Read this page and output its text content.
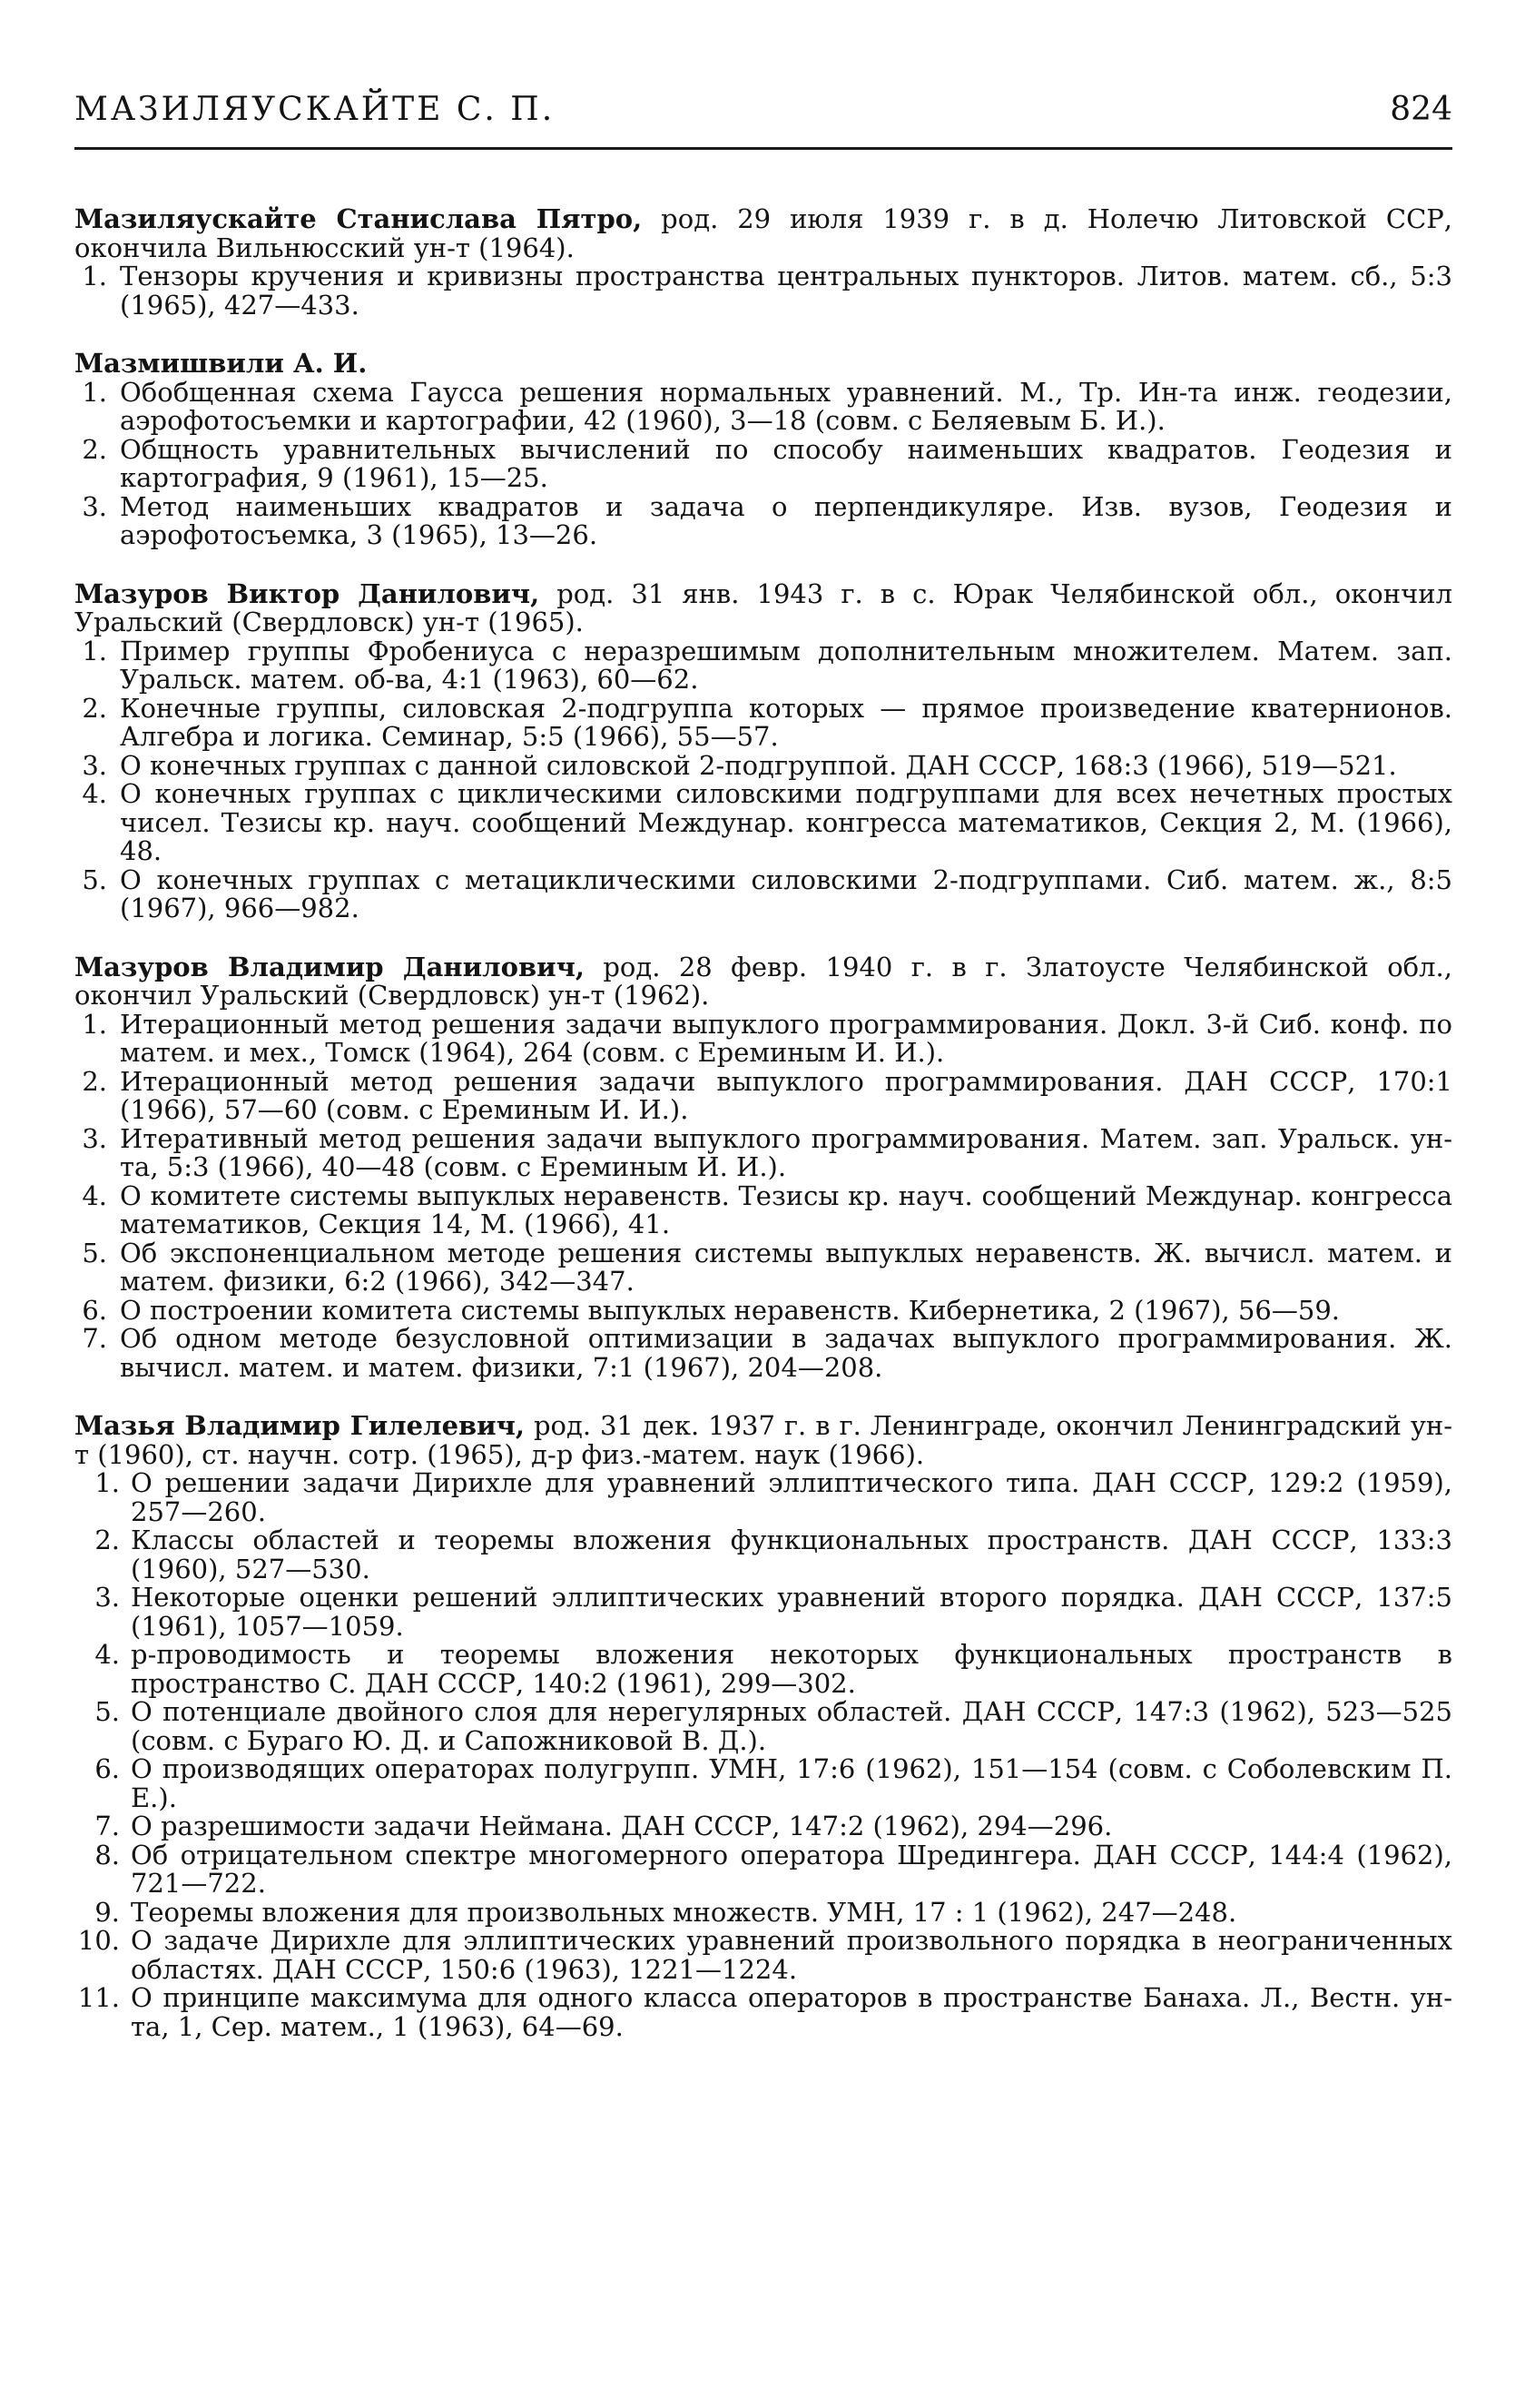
МАЗИЛЯУСКАЙТЕ С. П.	824

Мазиляускайте Станислава Пятро, род. 29 июля 1939 г. в д. Нолечю Литовской ССР, окончила Вильнюсский ун-т (1964).

1. Тензоры кручения и кривизны пространства центральных пункторов. Литов. матем. сб., 5:3 (1965), 427—433.

Мазмишвили А. И.

1. Обобщенная схема Гаусса решения нормальных уравнений. М., Тр. Ин-та инж. геодезии, аэрофотосъемки и картографии, 42 (1960), 3—18 (совм. с Беляевым Б. И.).
2. Общность уравнительных вычислений по способу наименьших квадратов. Геодезия и картография, 9 (1961), 15—25.
3. Метод наименьших квадратов и задача о перпендикуляре. Изв. вузов, Геодезия и аэрофотосъемка, 3 (1965), 13—26.

Мазуров Виктор Данилович, род. 31 янв. 1943 г. в с. Юрак Челябинской обл., окончил Уральский (Свердловск) ун-т (1965).

1. Пример группы Фробениуса с неразрешимым дополнительным множителем. Матем. зап. Уральск. матем. об-ва, 4:1 (1963), 60—62.
2. Конечные группы, силовская 2-подгруппа которых — прямое произведение кватернионов. Алгебра и логика. Семинар, 5:5 (1966), 55—57.
3. О конечных группах с данной силовской 2-подгруппой. ДАН СССР, 168:3 (1966), 519—521.
4. О конечных группах с циклическими силовскими подгруппами для всех нечетных простых чисел. Тезисы кр. науч. сообщений Междунар. конгресса математиков, Секция 2, М. (1966), 48.
5. О конечных группах с метациклическими силовскими 2-подгруппами. Сиб. матем. ж., 8:5 (1967), 966—982.

Мазуров Владимир Данилович, род. 28 февр. 1940 г. в г. Златоусте Челябинской обл., окончил Уральский (Свердловск) ун-т (1962).

1. Итерационный метод решения задачи выпуклого программирования. Докл. 3-й Сиб. конф. по матем. и мех., Томск (1964), 264 (совм. с Ереминым И. И.).
2. Итерационный метод решения задачи выпуклого программирования. ДАН СССР, 170:1 (1966), 57—60 (совм. с Ереминым И. И.).
3. Итеративный метод решения задачи выпуклого программирования. Матем. зап. Уральск. ун-та, 5:3 (1966), 40—48 (совм. с Ереминым И. И.).
4. О комитете системы выпуклых неравенств. Тезисы кр. науч. сообщений Междунар. конгресса математиков, Секция 14, М. (1966), 41.
5. Об экспоненциальном методе решения системы выпуклых неравенств. Ж. вычисл. матем. и матем. физики, 6:2 (1966), 342—347.
6. О построении комитета системы выпуклых неравенств. Кибернетика, 2 (1967), 56—59.
7. Об одном методе безусловной оптимизации в задачах выпуклого программирования. Ж. вычисл. матем. и матем. физики, 7:1 (1967), 204—208.

Мазья Владимир Гилелевич, род. 31 дек. 1937 г. в г. Ленинграде, окончил Ленинградский ун-т (1960), ст. научн. сотр. (1965), д-р физ.-матем. наук (1966).

1. О решении задачи Дирихле для уравнений эллиптического типа. ДАН СССР, 129:2 (1959), 257—260.
2. Классы областей и теоремы вложения функциональных пространств. ДАН СССР, 133:3 (1960), 527—530.
3. Некоторые оценки решений эллиптических уравнений второго порядка. ДАН СССР, 137:5 (1961), 1057—1059.
4. p-проводимость и теоремы вложения некоторых функциональных пространств в пространство C. ДАН СССР, 140:2 (1961), 299—302.
5. О потенциале двойного слоя для нерегулярных областей. ДАН СССР, 147:3 (1962), 523—525 (совм. с Бураго Ю. Д. и Сапожниковой В. Д.).
6. О производящих операторах полугрупп. УМН, 17:6 (1962), 151—154 (совм. с Соболевским П. Е.).
7. О разрешимости задачи Неймана. ДАН СССР, 147:2 (1962), 294—296.
8. Об отрицательном спектре многомерного оператора Шредингера. ДАН СССР, 144:4 (1962), 721—722.
9. Теоремы вложения для произвольных множеств. УМН, 17 : 1 (1962), 247—248.
10. О задаче Дирихле для эллиптических уравнений произвольного порядка в неограниченных областях. ДАН СССР, 150:6 (1963), 1221—1224.
11. О принципе максимума для одного класса операторов в пространстве Банаха. Л., Вестн. ун-та, 1, Сер. матем., 1 (1963), 64—69.
